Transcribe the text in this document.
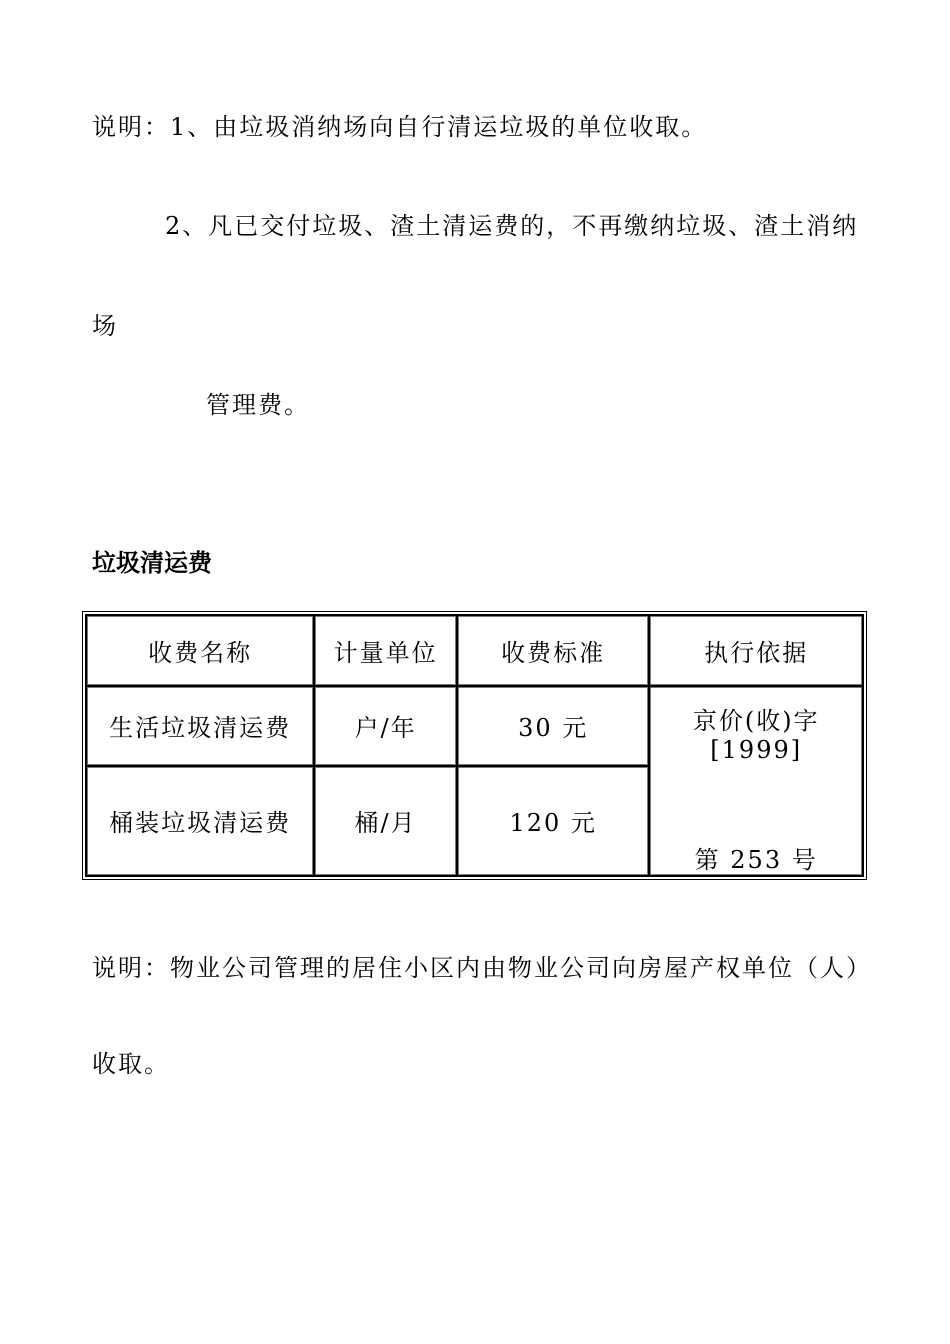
说明：1、由垃圾消纳场向自行清运垃圾的单位收取。
2、凡已交付垃圾、渣土清运费的，不再缴纳垃圾、渣土消纳
场
管理费。
垃圾清运费
收费名称	计量单位	收费标准	执行依据
生活垃圾清运费	户/年	30 元	京价(收)字[1999]
第 253 号

桶装垃圾清运费	桶/月	120 元	
说明：物业公司管理的居住小区内由物业公司向房屋产权单位（人）
收取。
